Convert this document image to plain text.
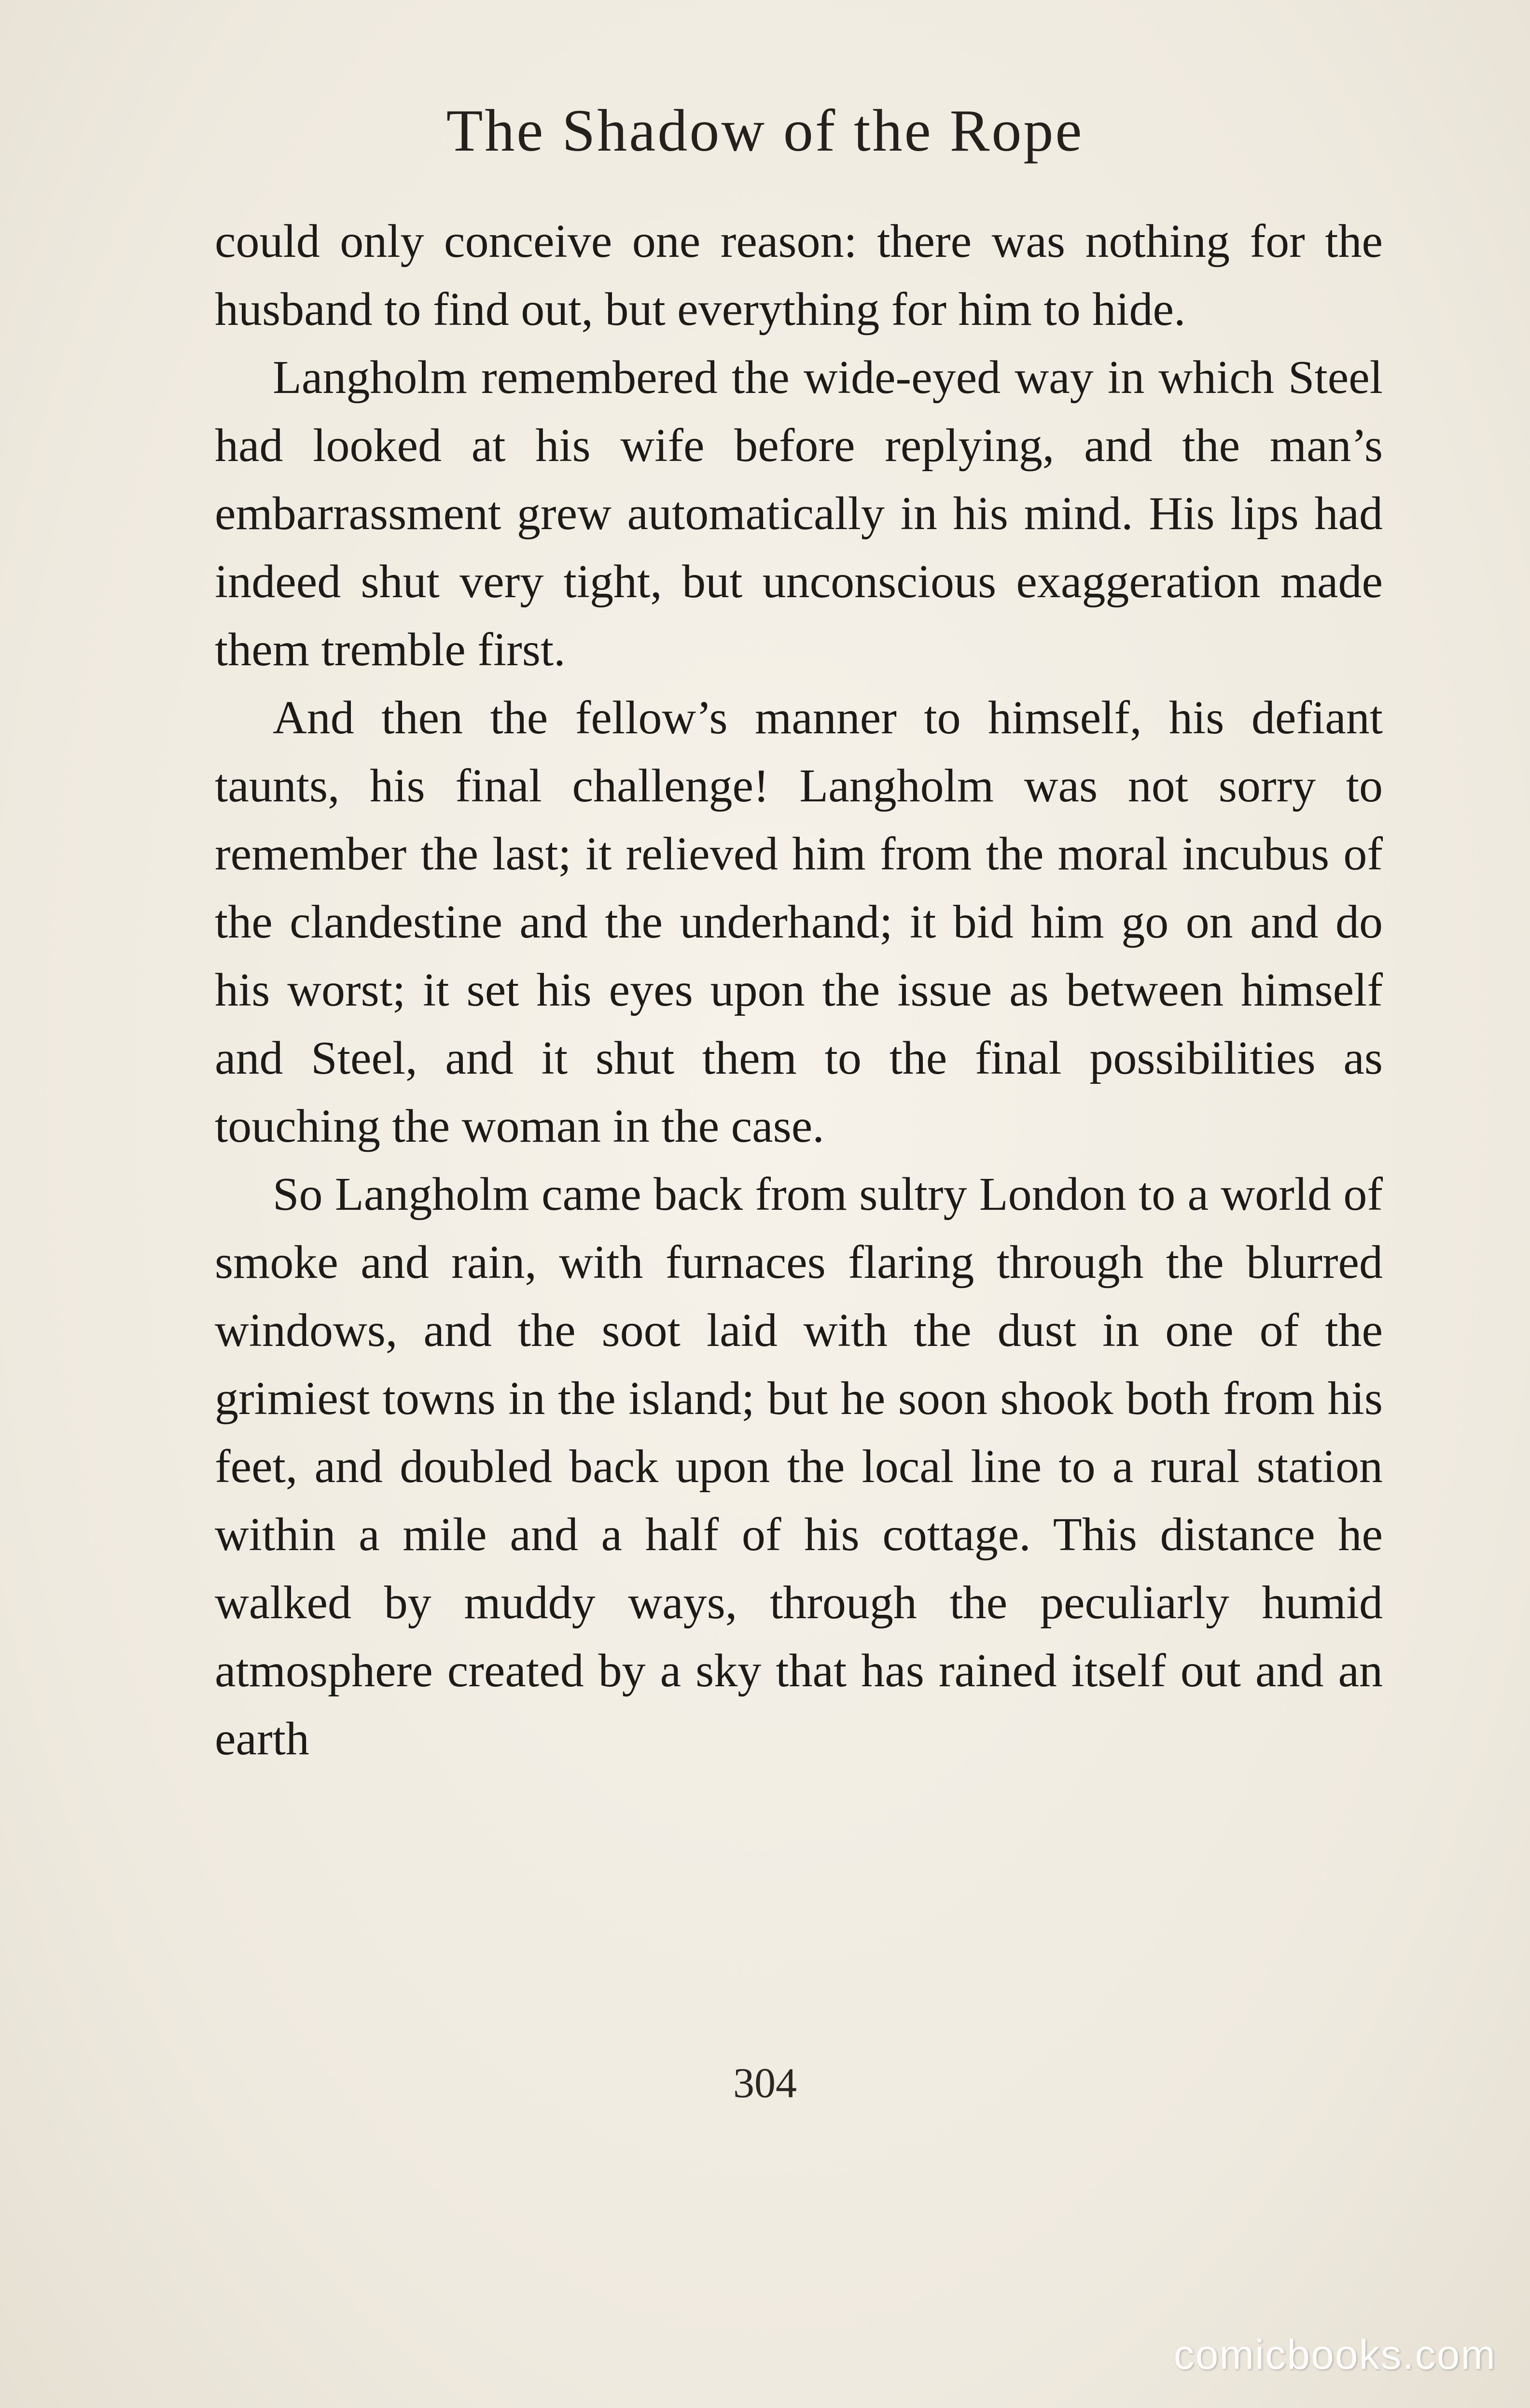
The Shadow of the Rope

could only conceive one reason: there was nothing for the husband to find out, but everything for him to hide.

Langholm remembered the wide-eyed way in which Steel had looked at his wife before replying, and the man’s embarrassment grew automatically in his mind. His lips had indeed shut very tight, but unconscious exaggeration made them tremble first.

And then the fellow’s manner to himself, his defiant taunts, his final challenge! Langholm was not sorry to remember the last; it relieved him from the moral incubus of the clandestine and the underhand; it bid him go on and do his worst; it set his eyes upon the issue as between himself and Steel, and it shut them to the final possibilities as touching the woman in the case.

So Langholm came back from sultry London to a world of smoke and rain, with furnaces flaring through the blurred windows, and the soot laid with the dust in one of the grimiest towns in the island; but he soon shook both from his feet, and doubled back upon the local line to a rural station within a mile and a half of his cottage. This distance he walked by muddy ways, through the peculiarly humid atmosphere created by a sky that has rained itself out and an earth

304
comicbooks.com
